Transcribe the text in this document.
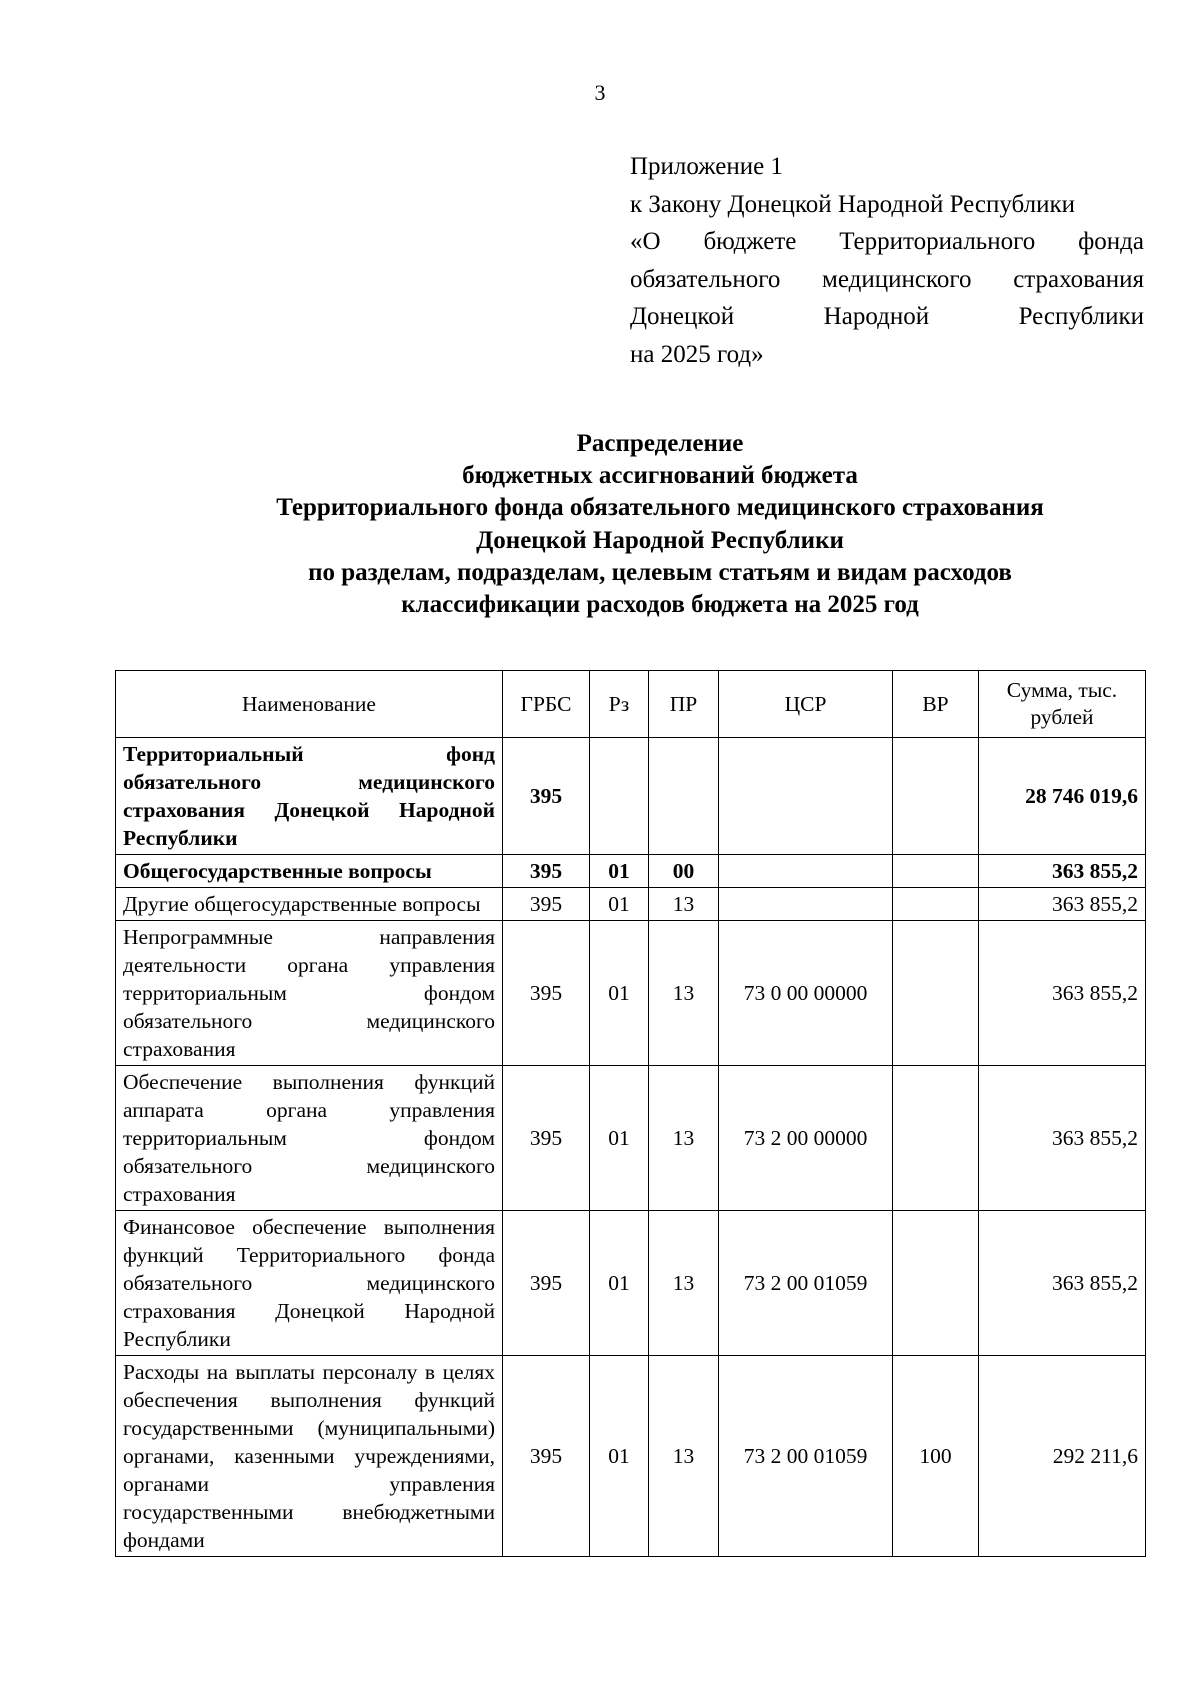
3
Приложение 1
к Закону Донецкой Народной Республики
«О бюджете Территориального фонда
обязательного медицинского страхования
Донецкой Народной Республики
на 2025 год»
Распределение
бюджетных ассигнований бюджета
Территориального фонда обязательного медицинского страхования
Донецкой Народной Республики
по разделам, подразделам, целевым статьям и видам расходов
классификации расходов бюджета на 2025 год
Наименование	ГРБС	Рз	ПР	ЦСР	ВР	Сумма, тыс. рублей
Территориальный фонд обязательного медицинского страхования Донецкой Народной Республики	395					28 746 019,6
Общегосударственные вопросы	395	01	00			363 855,2
Другие общегосударственные вопросы	395	01	13			363 855,2
Непрограммные направления деятельности органа управления территориальным фондом обязательного медицинского страхования	395	01	13	73 0 00 00000		363 855,2
Обеспечение выполнения функций аппарата органа управления территориальным фондом обязательного медицинского страхования	395	01	13	73 2 00 00000		363 855,2
Финансовое обеспечение выполнения функций Территориального фонда обязательного медицинского страхования Донецкой Народной Республики	395	01	13	73 2 00 01059		363 855,2
Расходы на выплаты персоналу в целях обеспечения выполнения функций государственными (муниципальными) органами, казенными учреждениями, органами управления государственными внебюджетными фондами	395	01	13	73 2 00 01059	100	292 211,6
